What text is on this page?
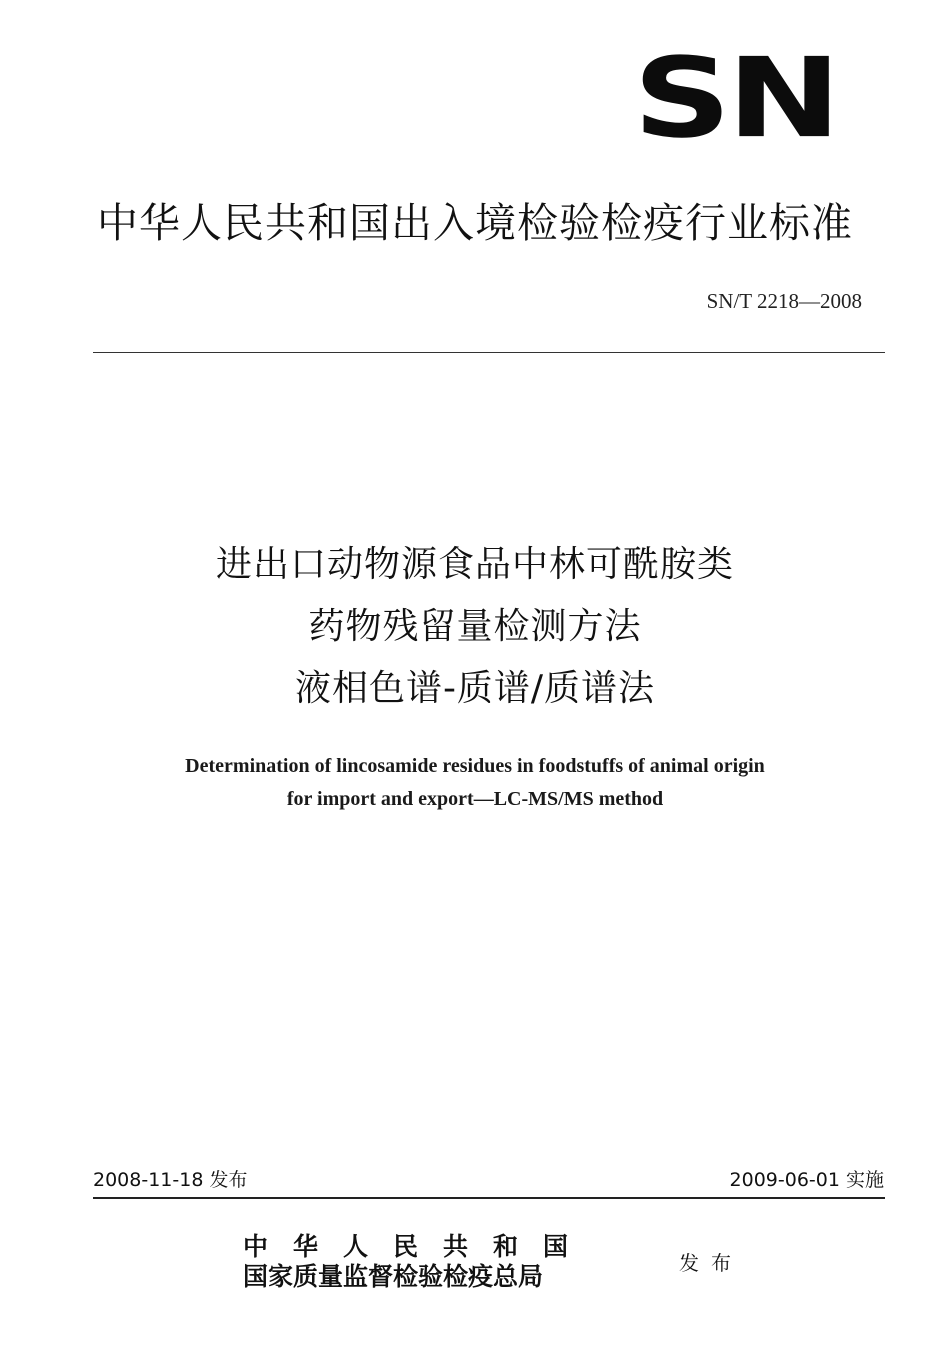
SN
中华人民共和国出入境检验检疫行业标准
SN/T 2218—2008
进出口动物源食品中林可酰胺类
药物残留量检测方法
液相色谱-质谱/质谱法
Determination of lincosamide residues in foodstuffs of animal origin
for import and export—LC-MS/MS method
2008-11-18 发布	2009-06-01 实施
中华人民共和国
国家质量监督检验检疫总局	发布
